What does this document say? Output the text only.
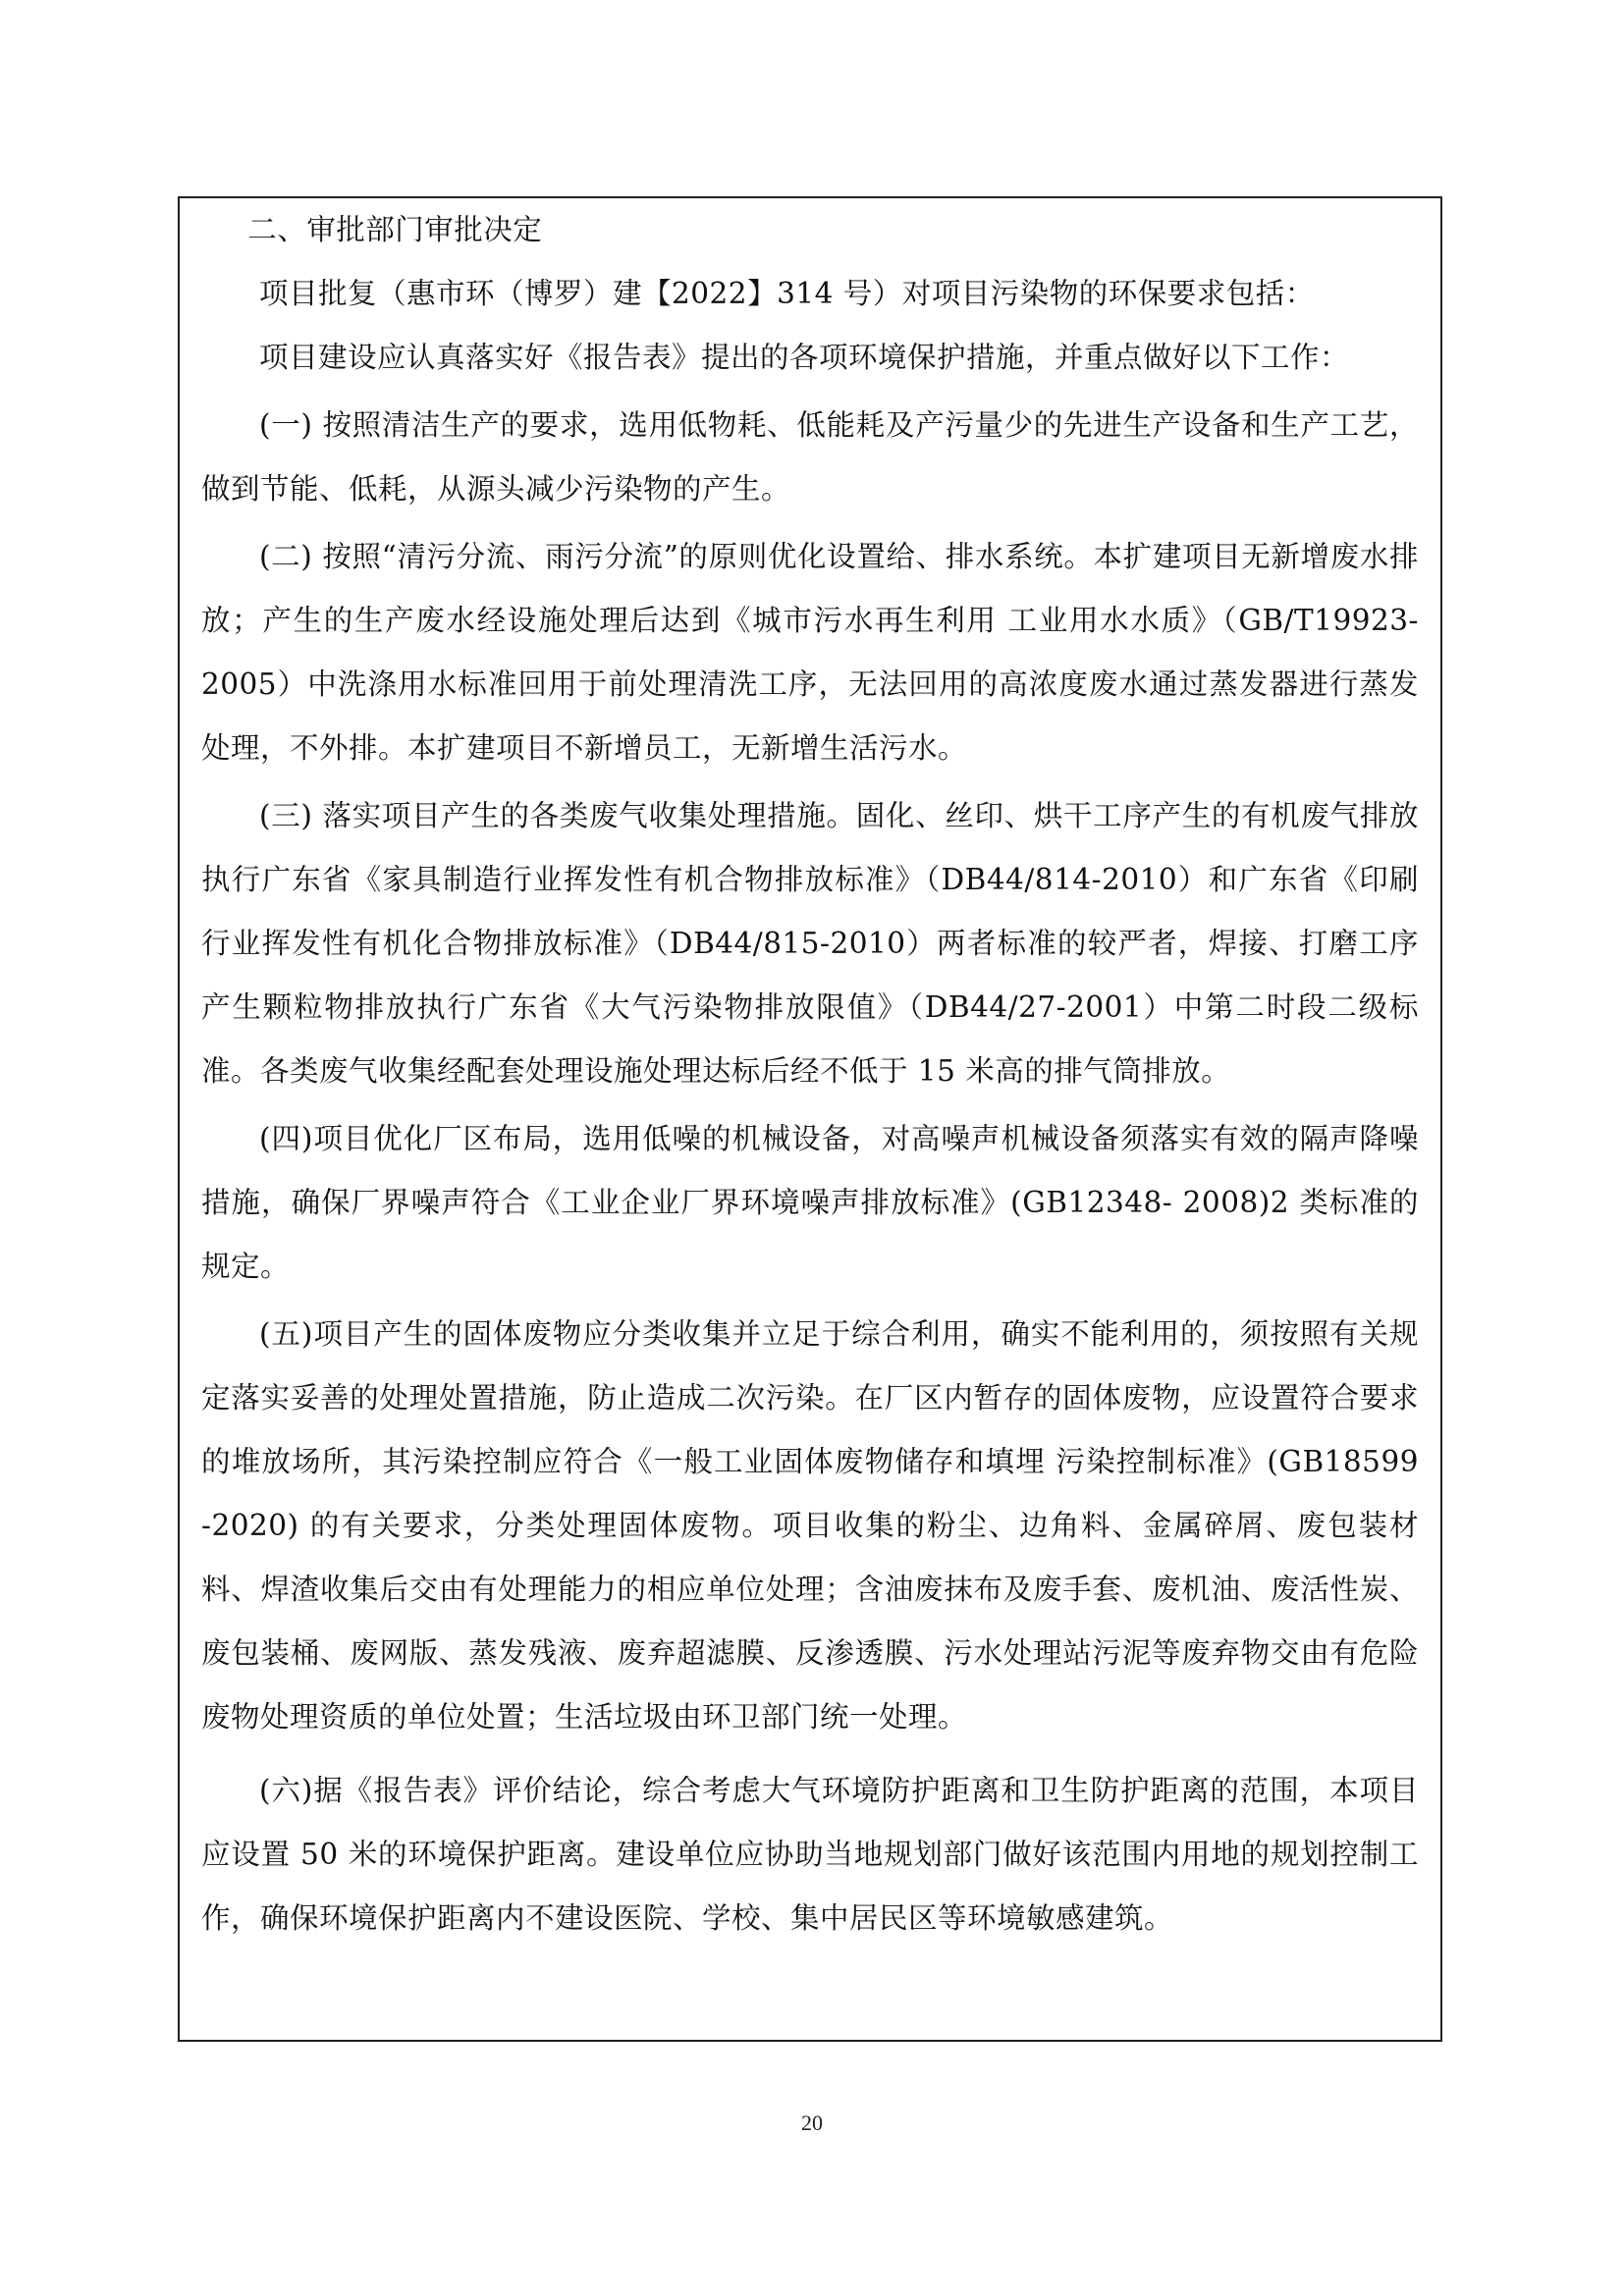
二、审批部门审批决定

项目批复（惠市环（博罗）建【2022】314 号）对项目污染物的环保要求包括：

项目建设应认真落实好《报告表》提出的各项环境保护措施，并重点做好以下工作：

(一) 按照清洁生产的要求，选用低物耗、低能耗及产污量少的先进生产设备和生产工艺，做到节能、低耗，从源头减少污染物的产生。

(二) 按照“清污分流、雨污分流”的原则优化设置给、排水系统。本扩建项目无新增废水排放；产生的生产废水经设施处理后达到《城市污水再生利用 工业用水水质》（GB/T19923-2005）中洗涤用水标准回用于前处理清洗工序，无法回用的高浓度废水通过蒸发器进行蒸发处理，不外排。本扩建项目不新增员工，无新增生活污水。

(三) 落实项目产生的各类废气收集处理措施。固化、丝印、烘干工序产生的有机废气排放执行广东省《家具制造行业挥发性有机合物排放标准》（DB44/814-2010）和广东省《印刷行业挥发性有机化合物排放标准》（DB44/815-2010）两者标准的较严者，焊接、打磨工序产生颗粒物排放执行广东省《大气污染物排放限值》（DB44/27-2001）中第二时段二级标准。各类废气收集经配套处理设施处理达标后经不低于 15 米高的排气筒排放。

(四)项目优化厂区布局，选用低噪的机械设备，对高噪声机械设备须落实有效的隔声降噪措施，确保厂界噪声符合《工业企业厂界环境噪声排放标准》(GB12348- 2008)2 类标准的规定。

(五)项目产生的固体废物应分类收集并立足于综合利用，确实不能利用的，须按照有关规定落实妥善的处理处置措施，防止造成二次污染。在厂区内暂存的固体废物，应设置符合要求的堆放场所，其污染控制应符合《一般工业固体废物储存和填埋 污染控制标准》(GB18599 -2020) 的有关要求，分类处理固体废物。项目收集的粉尘、边角料、金属碎屑、废包装材料、焊渣收集后交由有处理能力的相应单位处理；含油废抹布及废手套、废机油、废活性炭、废包装桶、废网版、蒸发残液、废弃超滤膜、反渗透膜、污水处理站污泥等废弃物交由有危险废物处理资质的单位处置；生活垃圾由环卫部门统一处理。

(六)据《报告表》评价结论，综合考虑大气环境防护距离和卫生防护距离的范围，本项目应设置 50 米的环境保护距离。建设单位应协助当地规划部门做好该范围内用地的规划控制工作，确保环境保护距离内不建设医院、学校、集中居民区等环境敏感建筑。

20
